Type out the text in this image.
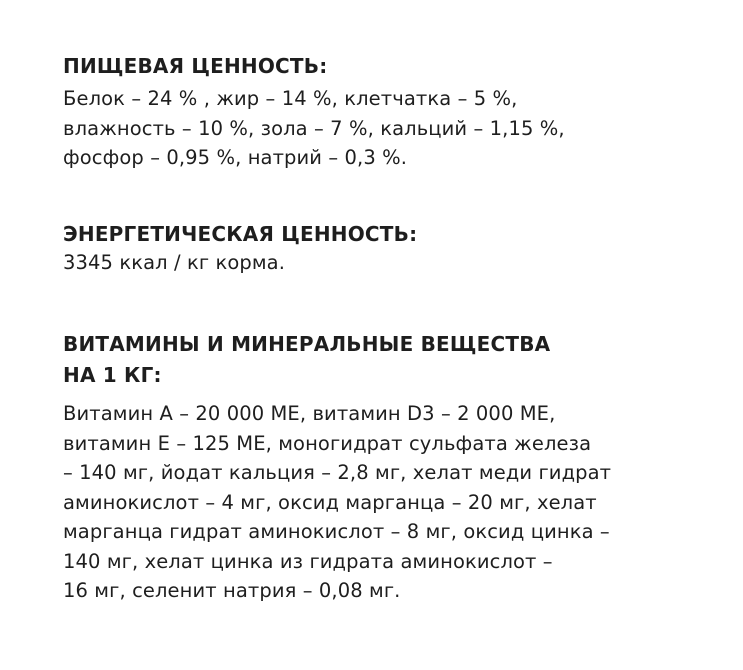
ПИЩЕВАЯ ЦЕННОСТЬ:

Белок – 24 % , жир – 14 %, клетчатка – 5 %,
влажность – 10 %, зола – 7 %, кальций – 1,15 %,
фосфор – 0,95 %, натрий – 0,3 %.

ЭНЕРГЕТИЧЕСКАЯ ЦЕННОСТЬ:

3345 ккал / кг корма.

ВИТАМИНЫ И МИНЕРАЛЬНЫЕ ВЕЩЕСТВА
НА 1 КГ:

Витамин А – 20 000 МЕ, витамин D3 – 2 000 МЕ,
витамин Е – 125 МЕ, моногидрат сульфата железа
– 140 мг, йодат кальция – 2,8 мг, хелат меди гидрат
аминокислот – 4 мг, оксид марганца – 20 мг, хелат
марганца гидрат аминокислот – 8 мг, оксид цинка –
140 мг, хелат цинка из гидрата аминокислот –
16 мг, селенит натрия – 0,08 мг.
